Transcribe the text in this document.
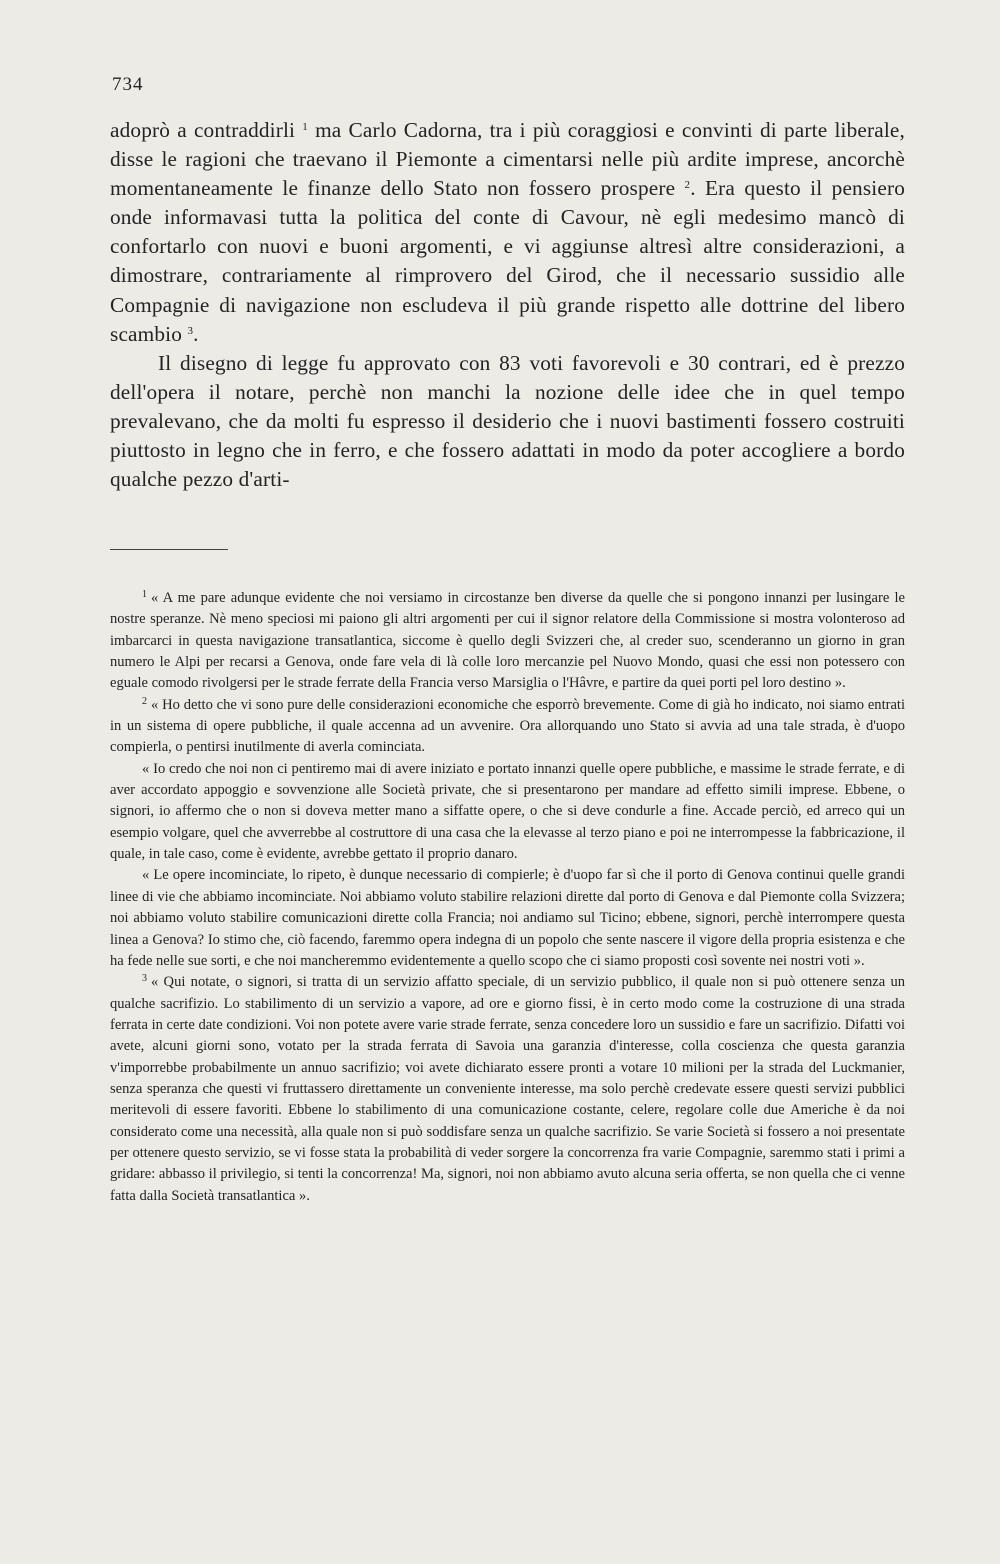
734

adoprò a contraddirli $^1$ ma Carlo Cadorna, tra i più coraggiosi e convinti di parte liberale, disse le ragioni che traevano il Piemonte a cimentarsi nelle più ardite imprese, ancorchè momentaneamente le finanze dello Stato non fossero prospere $^2$. Era questo il pensiero onde informavasi tutta la politica del conte di Cavour, nè egli medesimo mancò di confortarlo con nuovi e buoni argomenti, e vi aggiunse altresì altre considerazioni, a dimostrare, contrariamente al rimprovero del Girod, che il necessario sussidio alle Compagnie di navigazione non escludeva il più grande rispetto alle dottrine del libero scambio $^3$.

Il disegno di legge fu approvato con 83 voti favorevoli e 30 contrari, ed è prezzo dell'opera il notare, perchè non manchi la nozione delle idee che in quel tempo prevalevano, che da molti fu espresso il desiderio che i nuovi bastimenti fossero costruiti piuttosto in legno che in ferro, e che fossero adattati in modo da poter accogliere a bordo qualche pezzo d'arti-

$^1$ « A me pare adunque evidente che noi versiamo in circostanze ben diverse da quelle che si pongono innanzi per lusingare le nostre speranze. Nè meno speciosi mi paiono gli altri argomenti per cui il signor relatore della Commissione si mostra volonteroso ad imbarcarci in questa navigazione transatlantica, siccome è quello degli Svizzeri che, al creder suo, scenderanno un giorno in gran numero le Alpi per recarsi a Genova, onde fare vela di là colle loro mercanzie pel Nuovo Mondo, quasi che essi non potessero con eguale comodo rivolgersi per le strade ferrate della Francia verso Marsiglia o l'Hâvre, e partire da quei porti pel loro destino ».

$^2$ « Ho detto che vi sono pure delle considerazioni economiche che esporrò brevemente. Come di già ho indicato, noi siamo entrati in un sistema di opere pubbliche, il quale accenna ad un avvenire. Ora allorquando uno Stato si avvia ad una tale strada, è d'uopo compierla, o pentirsi inutilmente di averla cominciata.

« Io credo che noi non ci pentiremo mai di avere iniziato e portato innanzi quelle opere pubbliche, e massime le strade ferrate, e di aver accordato appoggio e sovvenzione alle Società private, che si presentarono per mandare ad effetto simili imprese. Ebbene, o signori, io affermo che o non si doveva metter mano a siffatte opere, o che si deve condurle a fine. Accade perciò, ed arreco qui un esempio volgare, quel che avverrebbe al costruttore di una casa che la elevasse al terzo piano e poi ne interrompesse la fabbricazione, il quale, in tale caso, come è evidente, avrebbe gettato il proprio danaro.

« Le opere incominciate, lo ripeto, è dunque necessario di compierle; è d'uopo far sì che il porto di Genova continui quelle grandi linee di vie che abbiamo incominciate. Noi abbiamo voluto stabilire relazioni dirette dal porto di Genova e dal Piemonte colla Svizzera; noi abbiamo voluto stabilire comunicazioni dirette colla Francia; noi andiamo sul Ticino; ebbene, signori, perchè interrompere questa linea a Genova? Io stimo che, ciò facendo, faremmo opera indegna di un popolo che sente nascere il vigore della propria esistenza e che ha fede nelle sue sorti, e che noi mancheremmo evidentemente a quello scopo che ci siamo proposti così sovente nei nostri voti ».

$^3$ « Qui notate, o signori, si tratta di un servizio affatto speciale, di un servizio pubblico, il quale non si può ottenere senza un qualche sacrifizio. Lo stabilimento di un servizio a vapore, ad ore e giorno fissi, è in certo modo come la costruzione di una strada ferrata in certe date condizioni. Voi non potete avere varie strade ferrate, senza concedere loro un sussidio e fare un sacrifizio. Difatti voi avete, alcuni giorni sono, votato per la strada ferrata di Savoia una garanzia d'interesse, colla coscienza che questa garanzia v'imporrebbe probabilmente un annuo sacrifizio; voi avete dichiarato essere pronti a votare 10 milioni per la strada del Luckmanier, senza speranza che questi vi fruttassero direttamente un conveniente interesse, ma solo perchè credevate essere questi servizi pubblici meritevoli di essere favoriti. Ebbene lo stabilimento di una comunicazione costante, celere, regolare colle due Americhe è da noi considerato come una necessità, alla quale non si può soddisfare senza un qualche sacrifizio. Se varie Società si fossero a noi presentate per ottenere questo servizio, se vi fosse stata la probabilità di veder sorgere la concorrenza fra varie Compagnie, saremmo stati i primi a gridare: abbasso il privilegio, si tenti la concorrenza! Ma, signori, noi non abbiamo avuto alcuna seria offerta, se non quella che ci venne fatta dalla Società transatlantica ».
